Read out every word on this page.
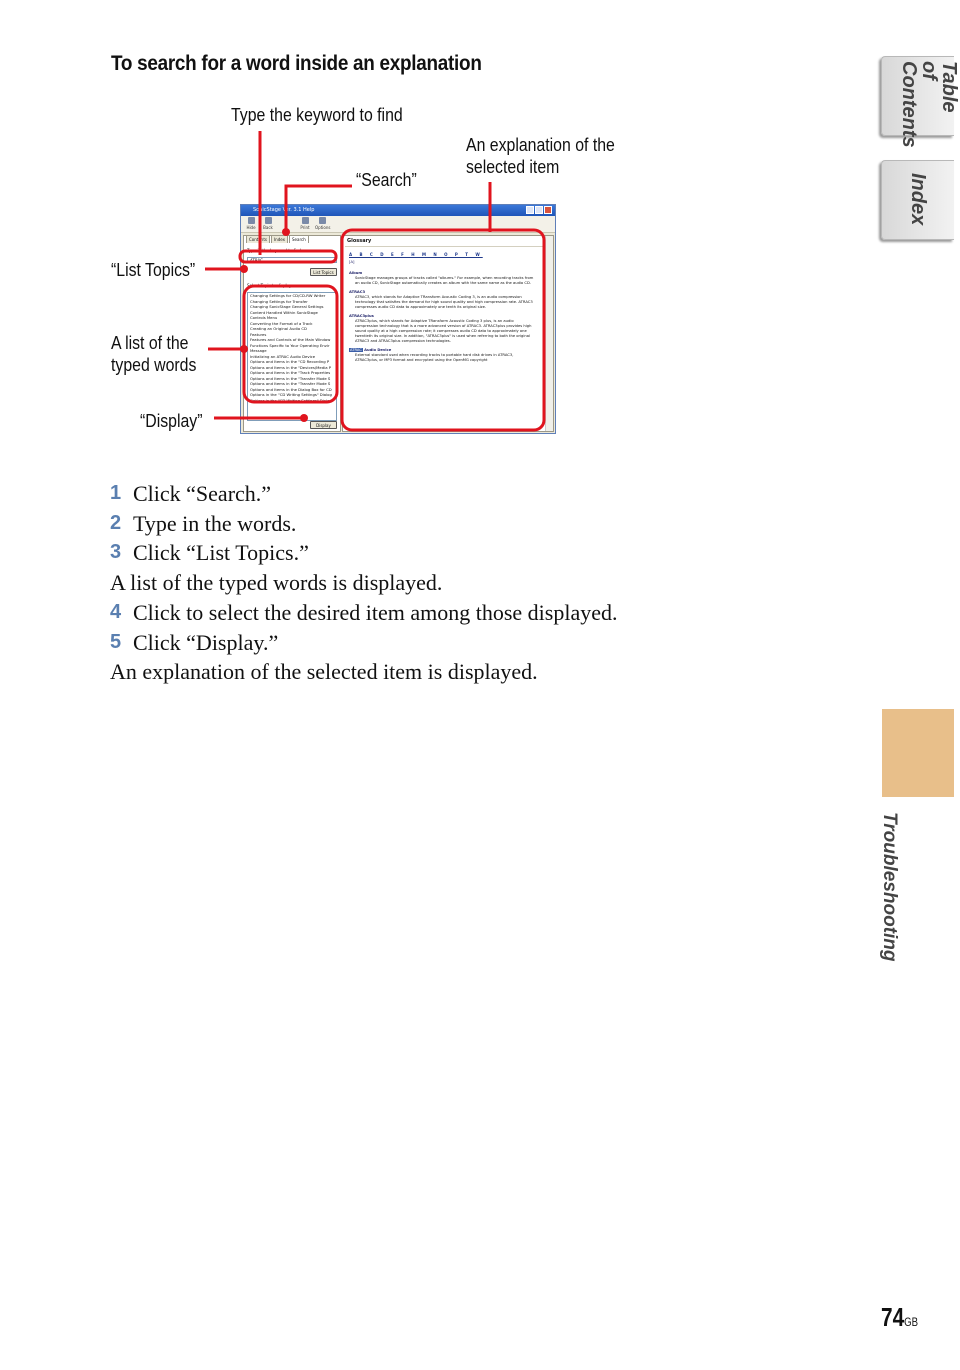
To search for a word inside an explanation
Type the keyword to find
An explanation of the
selected item
“Search”
“List Topics”
A list of the
typed words
“Display”
SonicStage Ver. 3.1 Help
Hide	Back	Print	Options
Contents	Index	Search
Type in the keyword to find:
ATRAC
List Topics
Select Topic to display:
Changing Settings for CD/CD-RW Writer
Changing Settings for Transfer
Changing SonicStage General Settings
Content Handled Within SonicStage
Controls Menu
Converting the Format of a Track
Creating an Original Audio CD
Features
Features and Controls of the Main Window
Functions Specific to Your Operating Envir
Message
Initializing an ATRAC Audio Device
Options and Items in the "CD Recording P
Options and Items in the "Devices/Media P
Options and Items in the "Track Properties
Options and Items in the "Transfer Mode S
Options and Items in the "Transfer Mode S
Options and Items in the Dialog Box for CD
Options in the "CD Writing Settings" Dialog
Options in the "CD Writing Settings" Dialo
Display
Glossary
A B C D E F H M N O P T W
[A]
Album
SonicStage manages groups of tracks called "albums." For example, when recording tracks from an audio CD, SonicStage automatically creates an album with the same name as the audio CD.
ATRAC3
ATRAC3, which stands for Adaptive TRansform Acoustic Coding 3, is an audio compression technology that satisfies the demand for high sound quality and high compression rate. ATRAC3 compresses audio CD data to approximately one tenth its original size.
ATRAC3plus
ATRAC3plus, which stands for Adaptive TRansform Acoustic Coding 3 plus, is an audio compression technology that is a more advanced version of ATRAC3. ATRAC3plus provides high sound quality at a high compression rate; it compresses audio CD data to approximately one twentieth its original size. In addition, "ATRAC3plus" is used when referring to both the original ATRAC3 and ATRAC3plus compression technologies.
ATRAC Audio Device
External standard used when recording tracks to portable hard disk drives in ATRAC3, ATRAC3plus, or MP3 format and encrypted using the OpenMG copyright
1 Click “Search.”
2 Type in the words.
3 Click “List Topics.”
A list of the typed words is displayed.
4 Click to select the desired item among those displayed.
5 Click “Display.”
An explanation of the selected item is displayed.
Table of
Contents
Index
Troubleshooting
74GB
